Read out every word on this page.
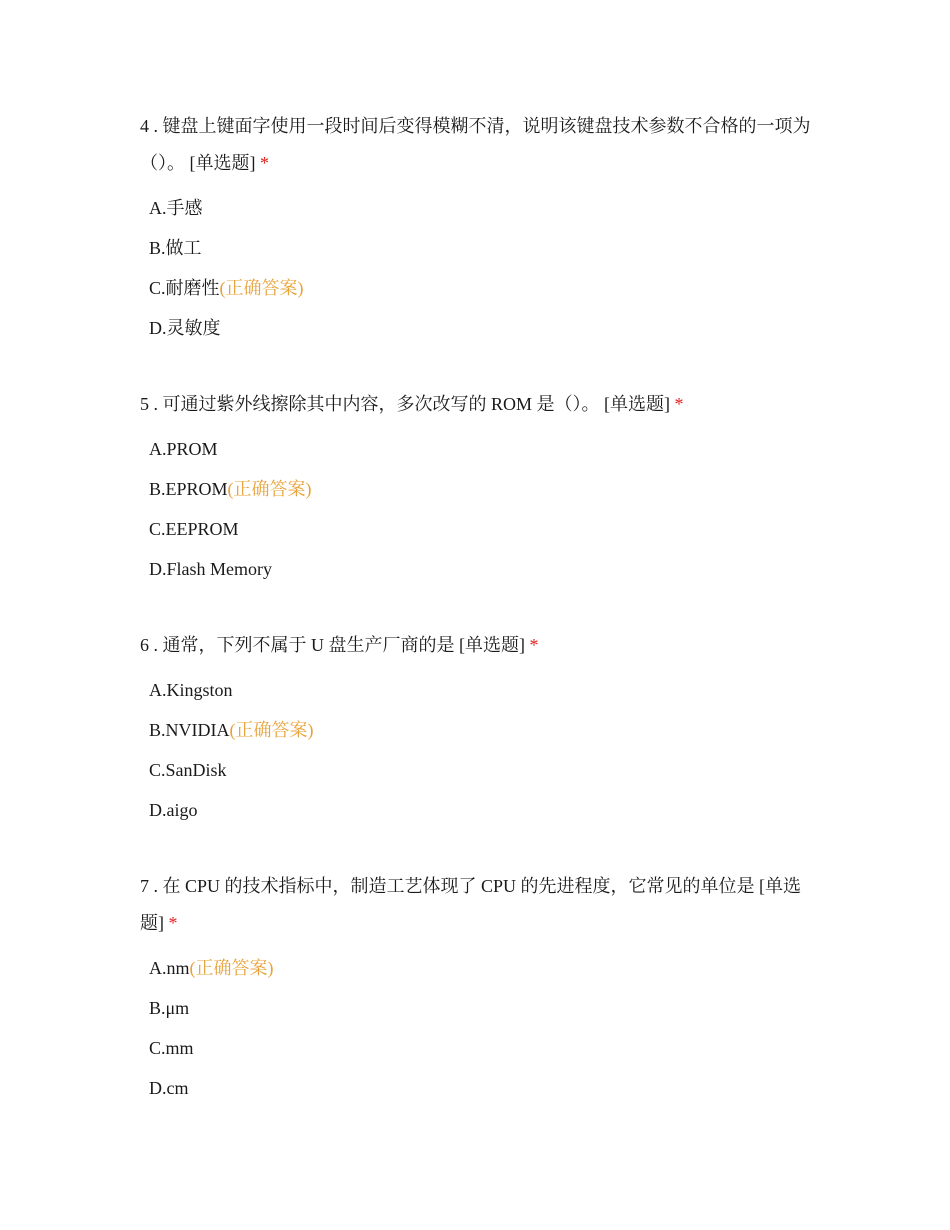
4 . 键盘上键面字使用一段时间后变得模糊不清，说明该键盘技术参数不合格的一项为（）。 [单选题] *

A.手感
B.做工
C.耐磨性(正确答案)
D.灵敏度

5 . 可通过紫外线擦除其中内容，多次改写的 ROM 是（）。 [单选题] *

A.PROM
B.EPROM(正确答案)
C.EEPROM
D.Flash Memory

6 . 通常，下列不属于 U 盘生产厂商的是 [单选题] *

A.Kingston
B.NVIDIA(正确答案)
C.SanDisk
D.aigo

7 . 在 CPU 的技术指标中，制造工艺体现了 CPU 的先进程度，它常见的单位是 [单选题] *

A.nm(正确答案)
B.μm
C.mm
D.cm
